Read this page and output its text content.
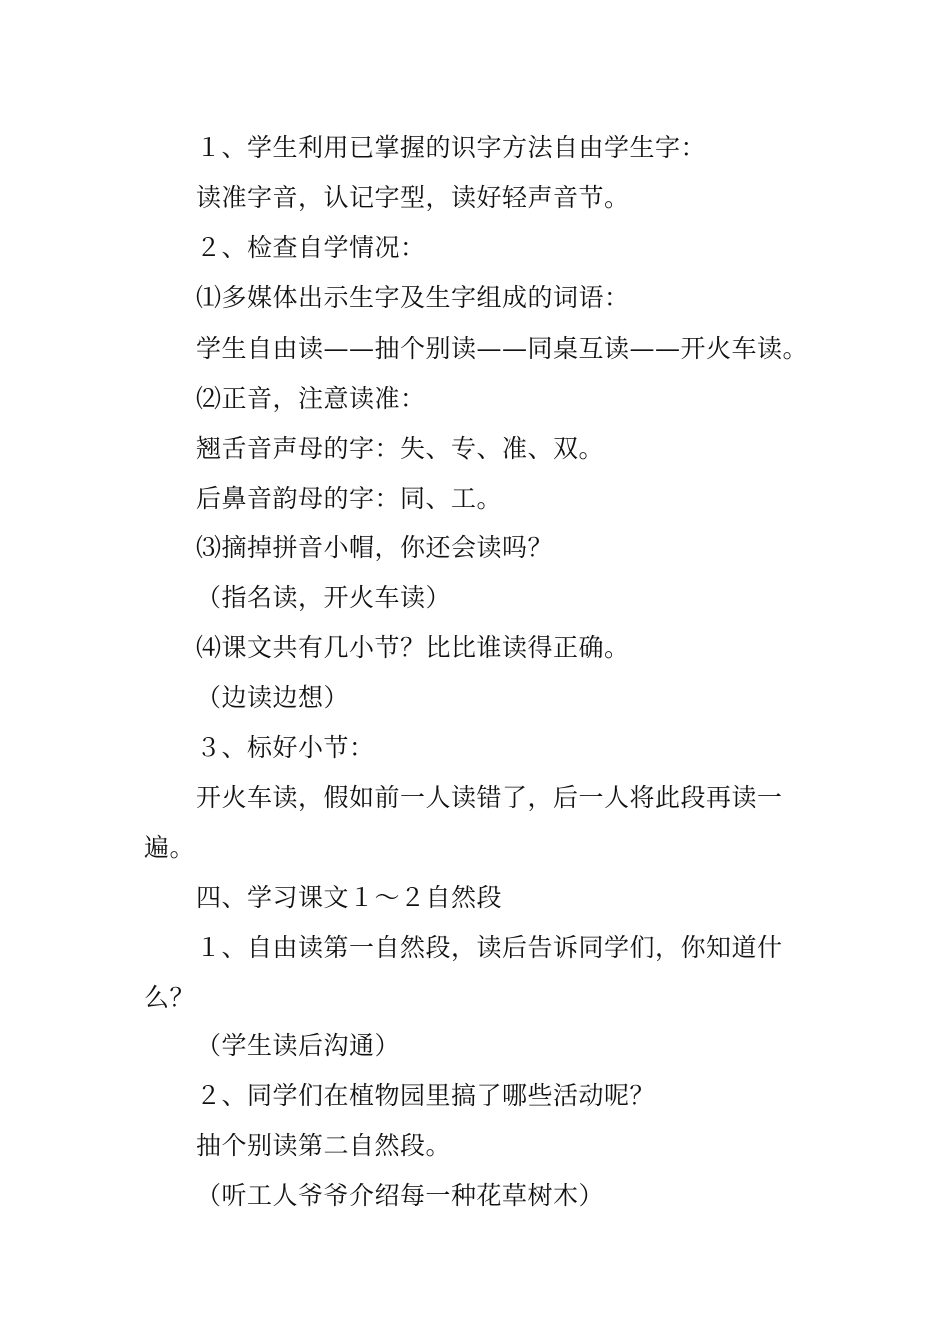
１、学生利用已掌握的识字方法自由学生字：
读准字音，认记字型，读好轻声音节。
２、检查自学情况：
⑴多媒体出示生字及生字组成的词语：
学生自由读——抽个别读——同桌互读——开火车读。
⑵正音，注意读准：
翘舌音声母的字：失、专、准、双。
后鼻音韵母的字：同、工。
⑶摘掉拼音小帽，你还会读吗？
（指名读，开火车读）
⑷课文共有几小节？比比谁读得正确。
（边读边想）
３、标好小节：
开火车读，假如前一人读错了，后一人将此段再读一
遍。
四、学习课文１～２自然段
１、自由读第一自然段，读后告诉同学们，你知道什
么？
（学生读后沟通）
２、同学们在植物园里搞了哪些活动呢？
抽个别读第二自然段。
（听工人爷爷介绍每一种花草树木）
